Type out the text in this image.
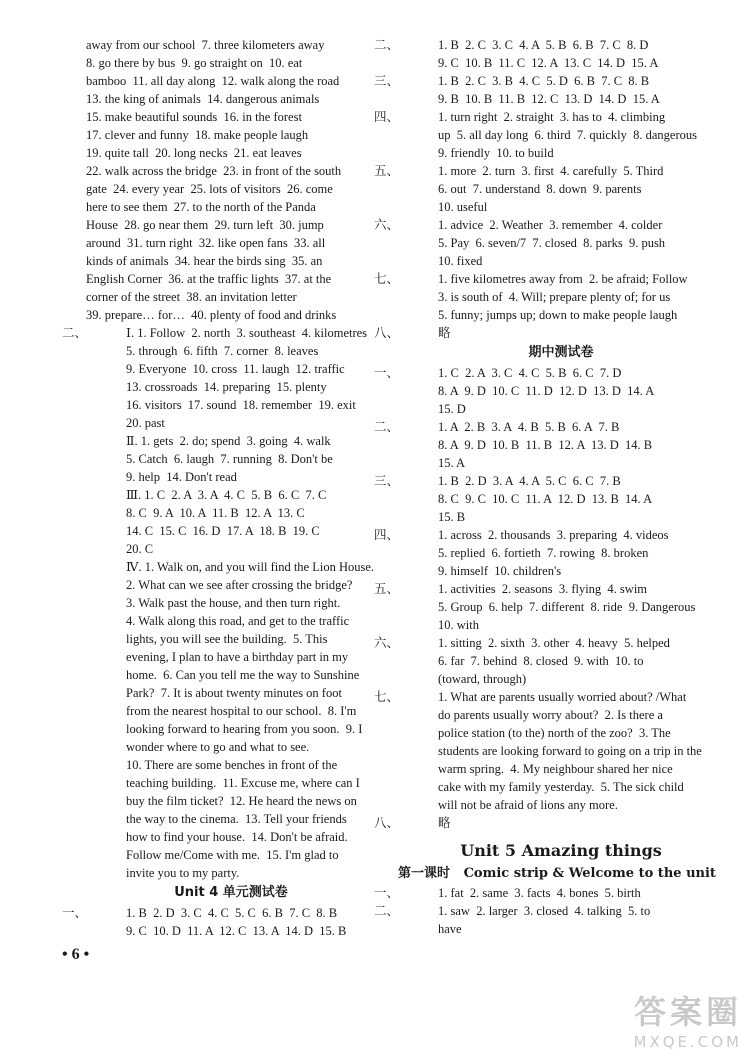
away from our school  7. three kilometers away
8. go there by bus  9. go straight on  10. eat
bamboo  11. all day along  12. walk along the road
13. the king of animals  14. dangerous animals
15. make beautiful sounds  16. in the forest
17. clever and funny  18. make people laugh
19. quite tall  20. long necks  21. eat leaves
22. walk across the bridge  23. in front of the south
gate  24. every year  25. lots of visitors  26. come
here to see them  27. to the north of the Panda
House  28. go near them  29. turn left  30. jump
around  31. turn right  32. like open fans  33. all
kinds of animals  34. hear the birds sing  35. an
English Corner  36. at the traffic lights  37. at the
corner of the street  38. an invitation letter
39. prepare… for…  40. plenty of food and drinks
二、	Ⅰ. 1. Follow  2. north  3. southeast  4. kilometres
5. through  6. fifth  7. corner  8. leaves
9. Everyone  10. cross  11. laugh  12. traffic
13. crossroads  14. preparing  15. plenty
16. visitors  17. sound  18. remember  19. exit
20. past
Ⅱ. 1. gets  2. do; spend  3. going  4. walk
5. Catch  6. laugh  7. running  8. Don't be
9. help  14. Don't read
Ⅲ. 1. C  2. A  3. A  4. C  5. B  6. C  7. C
8. C  9. A  10. A  11. B  12. A  13. C
14. C  15. C  16. D  17. A  18. B  19. C
20. C
Ⅳ. 1. Walk on, and you will find the Lion House.
2. What can we see after crossing the bridge?
3. Walk past the house, and then turn right.
4. Walk along this road, and get to the traffic
lights, you will see the building.  5. This
evening, I plan to have a birthday part in my
home.  6. Can you tell me the way to Sunshine
Park?  7. It is about twenty minutes on foot
from the nearest hospital to our school.  8. I'm
looking forward to hearing from you soon.  9. I
wonder where to go and what to see.
10. There are some benches in front of the
teaching building.  11. Excuse me, where can I
buy the film ticket?  12. He heard the news on
the way to the cinema.  13. Tell your friends
how to find your house.  14. Don't be afraid.
Follow me/Come with me.  15. I'm glad to
invite you to my party.
Unit 4 单元测试卷
一、	1. B  2. D  3. C  4. C  5. C  6. B  7. C  8. B
9. C  10. D  11. A  12. C  13. A  14. D  15. B
二、	1. B  2. C  3. C  4. A  5. B  6. B  7. C  8. D
9. C  10. B  11. C  12. A  13. C  14. D  15. A
三、	1. B  2. C  3. B  4. C  5. D  6. B  7. C  8. B
9. B  10. B  11. B  12. C  13. D  14. D  15. A
四、	1. turn right  2. straight  3. has to  4. climbing
up  5. all day long  6. third  7. quickly  8. dangerous
9. friendly  10. to build
五、	1. more  2. turn  3. first  4. carefully  5. Third
6. out  7. understand  8. down  9. parents
10. useful
六、	1. advice  2. Weather  3. remember  4. colder
5. Pay  6. seven/7  7. closed  8. parks  9. push
10. fixed
七、	1. five kilometres away from  2. be afraid; Follow
3. is south of  4. Will; prepare plenty of; for us
5. funny; jumps up; down to make people laugh
八、	略
期中测试卷
一、	1. C  2. A  3. C  4. C  5. B  6. C  7. D
8. A  9. D  10. C  11. D  12. D  13. D  14. A
15. D
二、	1. A  2. B  3. A  4. B  5. B  6. A  7. B
8. A  9. D  10. B  11. B  12. A  13. D  14. B
15. A
三、	1. B  2. D  3. A  4. A  5. C  6. C  7. B
8. C  9. C  10. C  11. A  12. D  13. B  14. A
15. B
四、	1. across  2. thousands  3. preparing  4. videos
5. replied  6. fortieth  7. rowing  8. broken
9. himself  10. children's
五、	1. activities  2. seasons  3. flying  4. swim
5. Group  6. help  7. different  8. ride  9. Dangerous
10. with
六、	1. sitting  2. sixth  3. other  4. heavy  5. helped
6. far  7. behind  8. closed  9. with  10. to
(toward, through)
七、	1. What are parents usually worried about? /What
do parents usually worry about?  2. Is there a
police station (to the) north of the zoo?  3. The
students are looking forward to going on a trip in the
warm spring.  4. My neighbour shared her nice
cake with my family yesterday.  5. The sick child
will not be afraid of lions any more.
八、	略
Unit 5 Amazing things
第一课时   Comic strip & Welcome to the unit
一、	1. fat  2. same  3. facts  4. bones  5. birth
二、	1. saw  2. larger  3. closed  4. talking  5. to
have
• 6 •
答案圈
MXQE.COM
